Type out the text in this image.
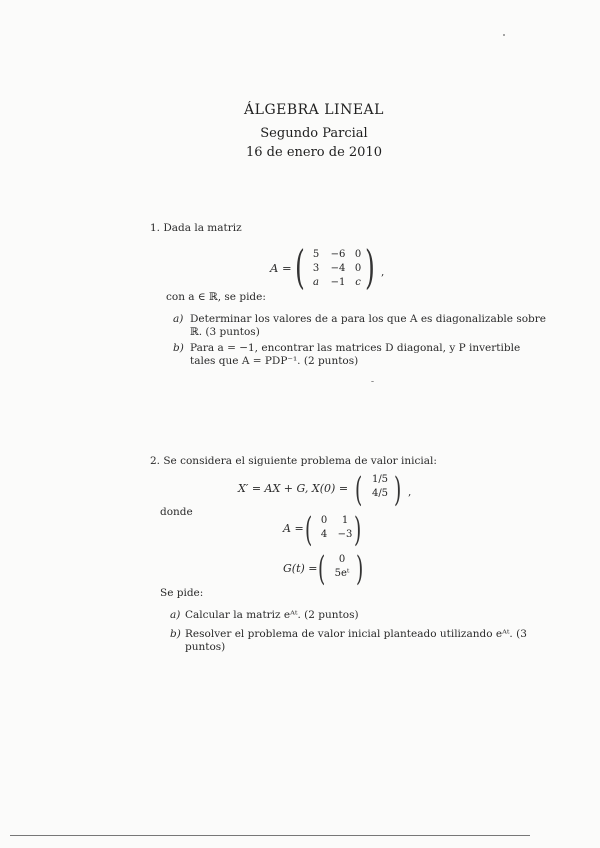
ÁLGEBRA LINEAL
Segundo Parcial
16 de enero de 2010
1. Dada la matriz
A = ( )
5	−6 0
3	−4 0
a	−1 c
,
con a ∈ ℝ, se pide:
a) Determinar los valores de a para los que A es diagonalizable sobre
ℝ. (3 puntos)
b) Para a = −1, encontrar las matrices D diagonal, y P invertible
tales que A = PDP⁻¹. (2 puntos)
2. Se considera el siguiente problema de valor inicial:
X′ = AX + G, X(0) = ( 1/5
4/5 ) ,
donde
A = ( 0	1
4	−3 )
G(t) = (	0
5eᵗ )
Se pide:
a) Calcular la matriz eᴬᵗ. (2 puntos)
b) Resolver el problema de valor inicial planteado utilizando eᴬᵗ. (3
puntos)
